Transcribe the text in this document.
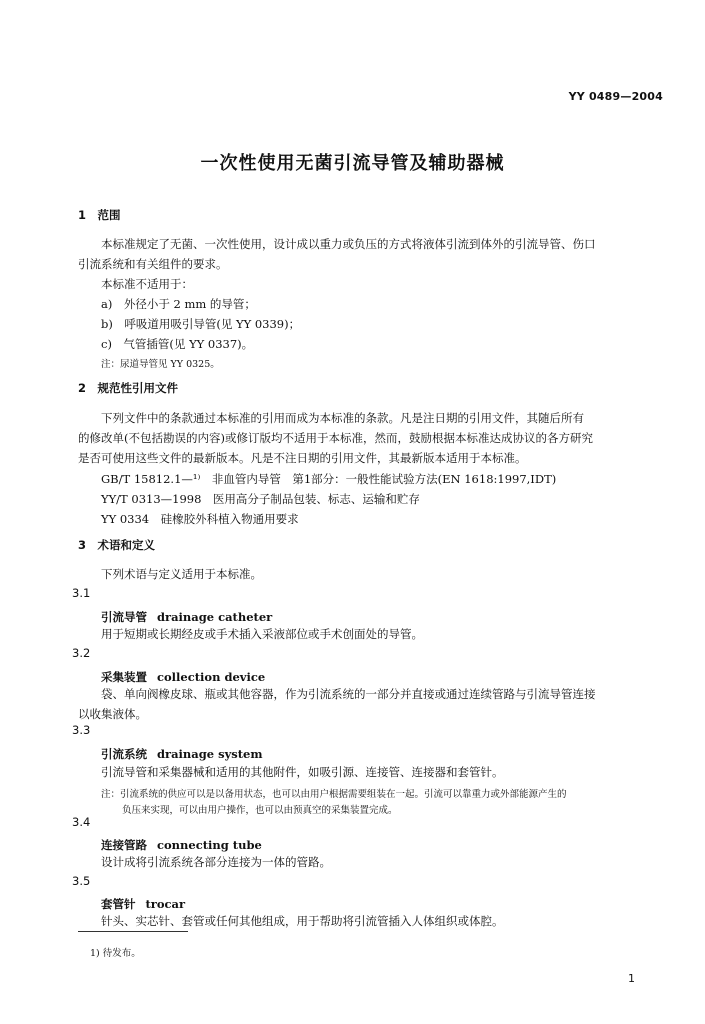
YY 0489—2004
一次性使用无菌引流导管及辅助器械
1　范围
本标准规定了无菌、一次性使用，设计成以重力或负压的方式将液体引流到体外的引流导管、伤口
引流系统和有关组件的要求。
本标准不适用于：
a)　外径小于 2 mm 的导管；
b)　呼吸道用吸引导管(见 YY 0339)；
c)　气管插管(见 YY 0337)。
注：尿道导管见 YY 0325。
2　规范性引用文件
下列文件中的条款通过本标准的引用而成为本标准的条款。凡是注日期的引用文件，其随后所有
的修改单(不包括勘误的内容)或修订版均不适用于本标准，然而，鼓励根据本标准达成协议的各方研究
是否可使用这些文件的最新版本。凡是不注日期的引用文件，其最新版本适用于本标准。
GB/T 15812.1—¹⁾　非血管内导管　第1部分：一般性能试验方法(EN 1618:1997,IDT)
YY/T 0313—1998　医用高分子制品包装、标志、运输和贮存
YY 0334　硅橡胶外科植入物通用要求
3　术语和定义
下列术语与定义适用于本标准。
3.1
引流导管 drainage catheter
用于短期或长期经皮或手术插入采液部位或手术创面处的导管。
3.2
采集装置 collection device
袋、单向阀橡皮球、瓶或其他容器，作为引流系统的一部分并直接或通过连续管路与引流导管连接
以收集液体。
3.3
引流系统 drainage system
引流导管和采集器械和适用的其他附件，如吸引源、连接管、连接器和套管针。
注：引流系统的供应可以是以备用状态，也可以由用户根据需要组装在一起。引流可以靠重力或外部能源产生的
负压来实现，可以由用户操作，也可以由预真空的采集装置完成。
3.4
连接管路 connecting tube
设计成将引流系统各部分连接为一体的管路。
3.5
套管针 trocar
针头、实芯针、套管或任何其他组成，用于帮助将引流管插入人体组织或体腔。
1) 待发布。
1
